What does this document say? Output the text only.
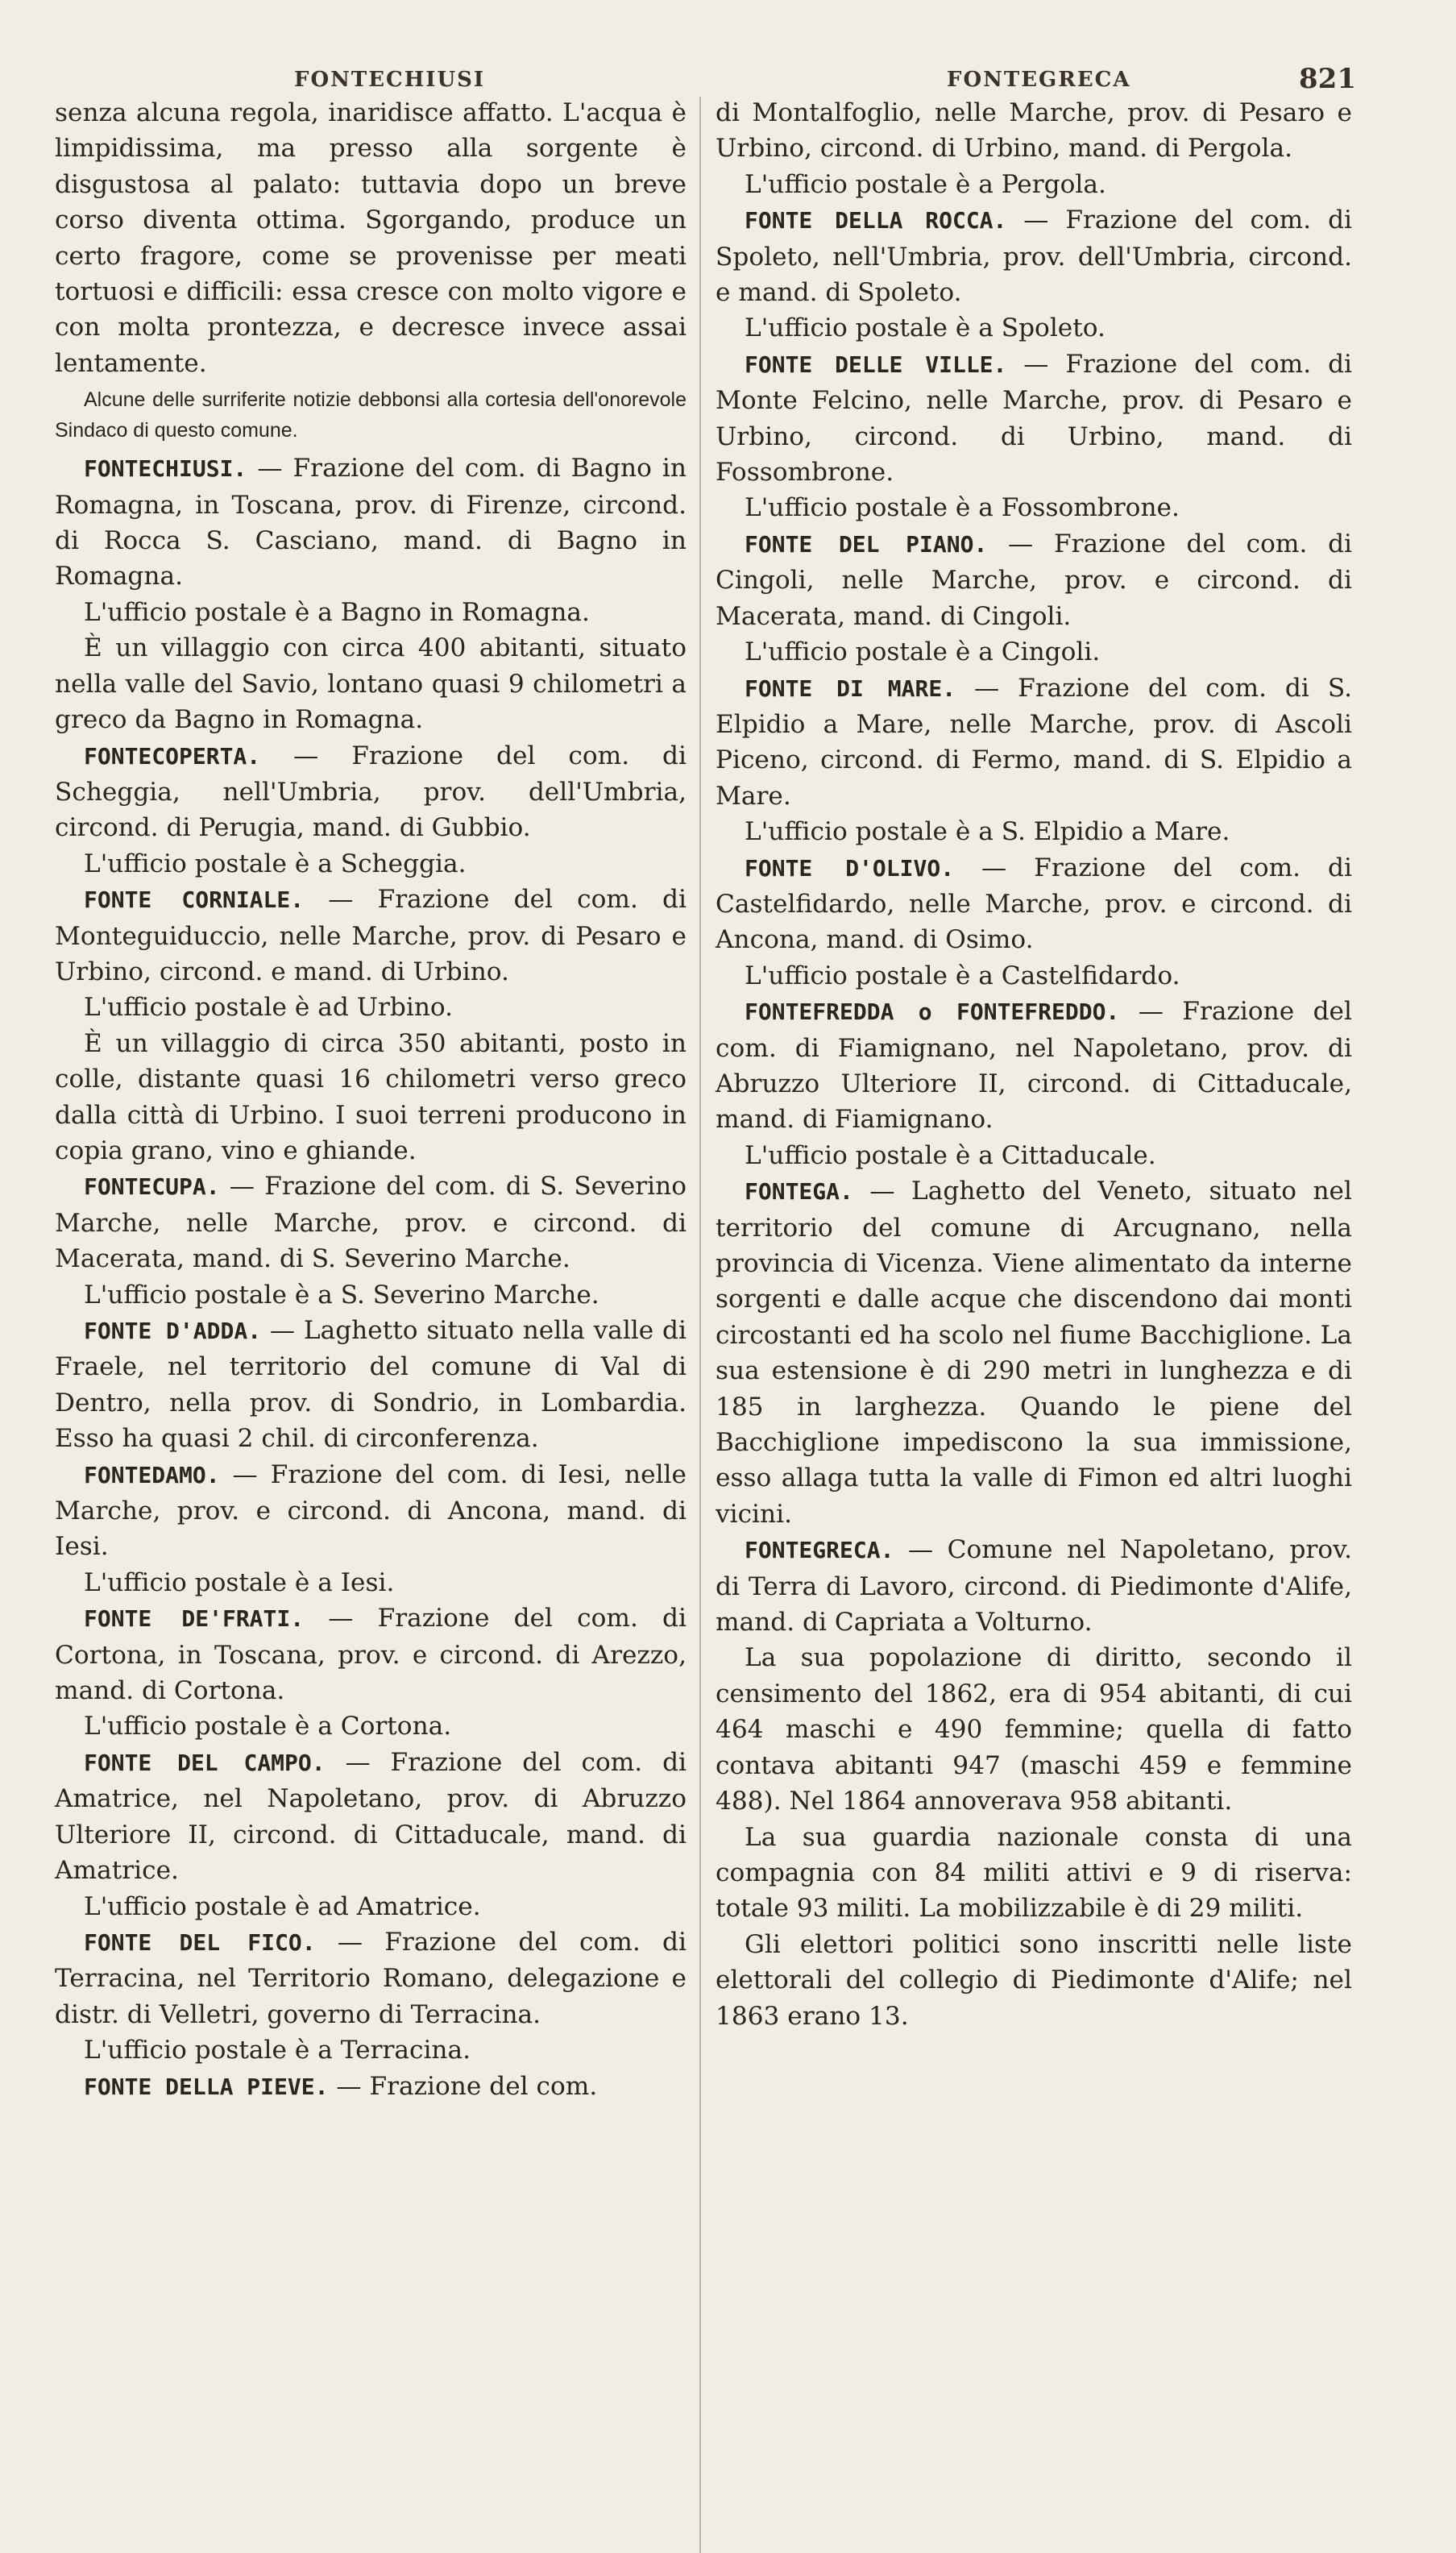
FONTECHIUSI	FONTEGRECA	821

senza alcuna regola, inaridisce affatto. L'acqua è limpidissima, ma presso alla sorgente è disgustosa al palato: tuttavia dopo un breve corso diventa ottima. Sgorgando, produce un certo fragore, come se provenisse per meati tortuosi e difficili: essa cresce con molto vigore e con molta prontezza, e decresce invece assai lentamente.

Alcune delle surriferite notizie debbonsi alla cortesia dell'onorevole Sindaco di questo comune.

FONTECHIUSI. — Frazione del com. di Bagno in Romagna, in Toscana, prov. di Firenze, circond. di Rocca S. Casciano, mand. di Bagno in Romagna.

L'ufficio postale è a Bagno in Romagna.

È un villaggio con circa 400 abitanti, situato nella valle del Savio, lontano quasi 9 chilometri a greco da Bagno in Romagna.

FONTECOPERTA. — Frazione del com. di Scheggia, nell'Umbria, prov. dell'Umbria, circond. di Perugia, mand. di Gubbio.

L'ufficio postale è a Scheggia.

FONTE CORNIALE. — Frazione del com. di Monteguiduccio, nelle Marche, prov. di Pesaro e Urbino, circond. e mand. di Urbino.

L'ufficio postale è ad Urbino.

È un villaggio di circa 350 abitanti, posto in colle, distante quasi 16 chilometri verso greco dalla città di Urbino. I suoi terreni producono in copia grano, vino e ghiande.

FONTECUPA. — Frazione del com. di S. Severino Marche, nelle Marche, prov. e circond. di Macerata, mand. di S. Severino Marche.

L'ufficio postale è a S. Severino Marche.

FONTE D'ADDA. — Laghetto situato nella valle di Fraele, nel territorio del comune di Val di Dentro, nella prov. di Sondrio, in Lombardia. Esso ha quasi 2 chil. di circonferenza.

FONTEDAMO. — Frazione del com. di Iesi, nelle Marche, prov. e circond. di Ancona, mand. di Iesi.

L'ufficio postale è a Iesi.

FONTE DE'FRATI. — Frazione del com. di Cortona, in Toscana, prov. e circond. di Arezzo, mand. di Cortona.

L'ufficio postale è a Cortona.

FONTE DEL CAMPO. — Frazione del com. di Amatrice, nel Napoletano, prov. di Abruzzo Ulteriore II, circond. di Cittaducale, mand. di Amatrice.

L'ufficio postale è ad Amatrice.

FONTE DEL FICO. — Frazione del com. di Terracina, nel Territorio Romano, delegazione e distr. di Velletri, governo di Terracina.

L'ufficio postale è a Terracina.

FONTE DELLA PIEVE. — Frazione del com.

di Montalfoglio, nelle Marche, prov. di Pesaro e Urbino, circond. di Urbino, mand. di Pergola.

L'ufficio postale è a Pergola.

FONTE DELLA ROCCA. — Frazione del com. di Spoleto, nell'Umbria, prov. dell'Umbria, circond. e mand. di Spoleto.

L'ufficio postale è a Spoleto.

FONTE DELLE VILLE. — Frazione del com. di Monte Felcino, nelle Marche, prov. di Pesaro e Urbino, circond. di Urbino, mand. di Fossombrone.

L'ufficio postale è a Fossombrone.

FONTE DEL PIANO. — Frazione del com. di Cingoli, nelle Marche, prov. e circond. di Macerata, mand. di Cingoli.

L'ufficio postale è a Cingoli.

FONTE DI MARE. — Frazione del com. di S. Elpidio a Mare, nelle Marche, prov. di Ascoli Piceno, circond. di Fermo, mand. di S. Elpidio a Mare.

L'ufficio postale è a S. Elpidio a Mare.

FONTE D'OLIVO. — Frazione del com. di Castelfidardo, nelle Marche, prov. e circond. di Ancona, mand. di Osimo.

L'ufficio postale è a Castelfidardo.

FONTEFREDDA o FONTEFREDDO. — Frazione del com. di Fiamignano, nel Napoletano, prov. di Abruzzo Ulteriore II, circond. di Cittaducale, mand. di Fiamignano.

L'ufficio postale è a Cittaducale.

FONTEGA. — Laghetto del Veneto, situato nel territorio del comune di Arcugnano, nella provincia di Vicenza. Viene alimentato da interne sorgenti e dalle acque che discendono dai monti circostanti ed ha scolo nel fiume Bacchiglione. La sua estensione è di 290 metri in lunghezza e di 185 in larghezza. Quando le piene del Bacchiglione impediscono la sua immissione, esso allaga tutta la valle di Fimon ed altri luoghi vicini.

FONTEGRECA. — Comune nel Napoletano, prov. di Terra di Lavoro, circond. di Piedimonte d'Alife, mand. di Capriata a Volturno.

La sua popolazione di diritto, secondo il censimento del 1862, era di 954 abitanti, di cui 464 maschi e 490 femmine; quella di fatto contava abitanti 947 (maschi 459 e femmine 488). Nel 1864 annoverava 958 abitanti.

La sua guardia nazionale consta di una compagnia con 84 militi attivi e 9 di riserva: totale 93 militi. La mobilizzabile è di 29 militi.

Gli elettori politici sono inscritti nelle liste elettorali del collegio di Piedimonte d'Alife; nel 1863 erano 13.
